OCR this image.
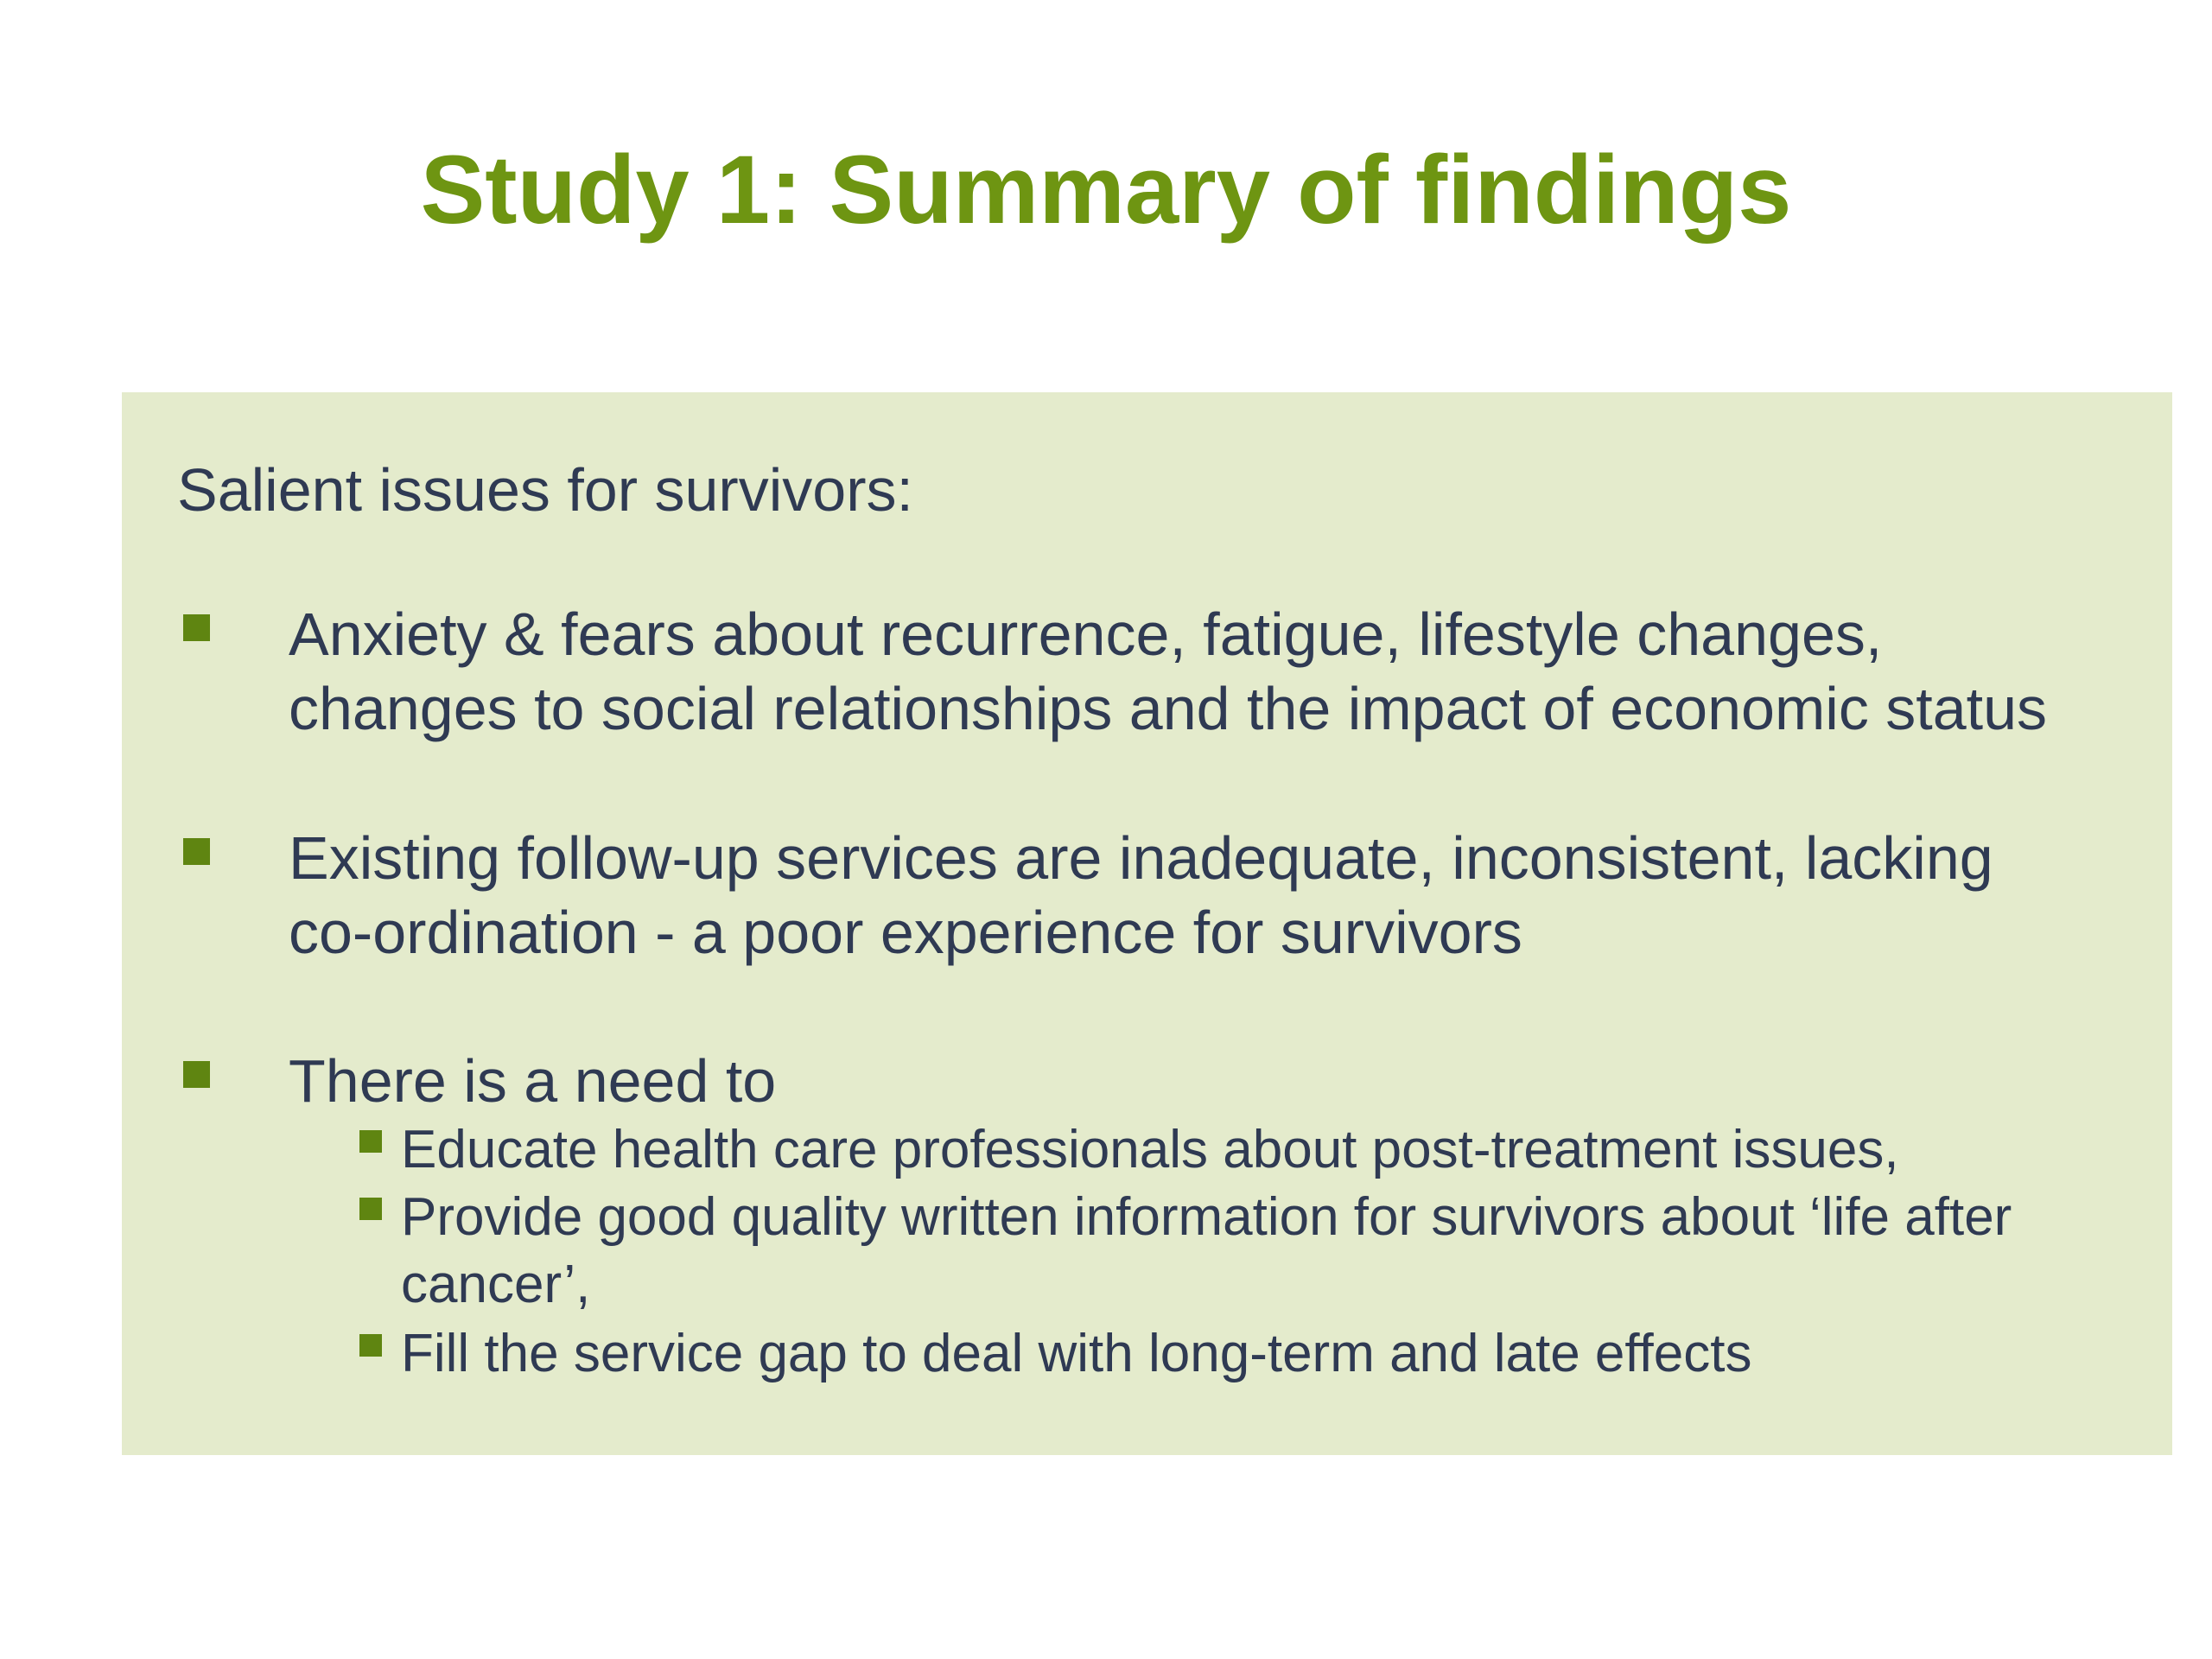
Study 1: Summary of findings
Salient issues for survivors:
Anxiety & fears about recurrence, fatigue, lifestyle changes,
changes to social relationships and the impact of economic status
Existing follow-up services are inadequate, inconsistent, lacking
co-ordination - a poor experience for survivors
There is a need to
Educate health care professionals about post-treatment issues,
Provide good quality written information for survivors about ‘life after
cancer’,
Fill the service gap to deal with long-term and late effects
